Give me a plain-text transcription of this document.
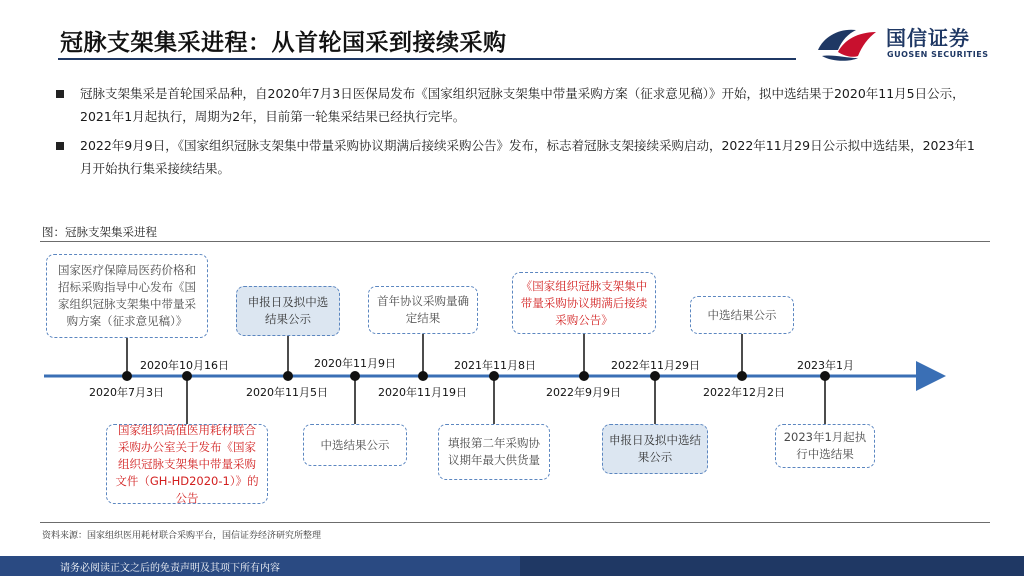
冠脉支架集采进程：从首轮国采到接续采购	国信证券
GUOSEN SECURITIES
冠脉支架集采是首轮国采品种，自2020年7月3日医保局发布《国家组织冠脉支架集中带量采购方案（征求意见稿）》开始，拟中选结果于2020年11月5日公示，2021年1月起执行，周期为2年，目前第一轮集采结果已经执行完毕。
2022年9月9日，《国家组织冠脉支架集中带量采购协议期满后接续采购公告》发布，标志着冠脉支架接续采购启动，2022年11月29日公示拟中选结果，2023年1月开始执行集采接续结果。
图：冠脉支架集采进程
2020年7月3日
2020年10月16日
2020年11月5日
2020年11月9日
2020年11月19日
2021年11月8日
2022年9月9日
2022年11月29日
2022年12月2日
2023年1月
国家医疗保障局医药价格和招标采购指导中心发布《国家组织冠脉支架集中带量采购方案（征求意见稿）》
申报日及拟中选结果公示
首年协议采购量确定结果
《国家组织冠脉支架集中带量采购协议期满后接续采购公告》	中选结果公示
国家组织高值医用耗材联合采购办公室关于发布《国家组织冠脉支架集中带量采购文件（GH-HD2020-1）》的公告
中选结果公示	填报第二年采购协议期年最大供货量
申报日及拟中选结果公示
2023年1月起执行中选结果
资料来源：国家组织医用耗材联合采购平台，国信证券经济研究所整理
请务必阅读正文之后的免责声明及其项下所有内容
